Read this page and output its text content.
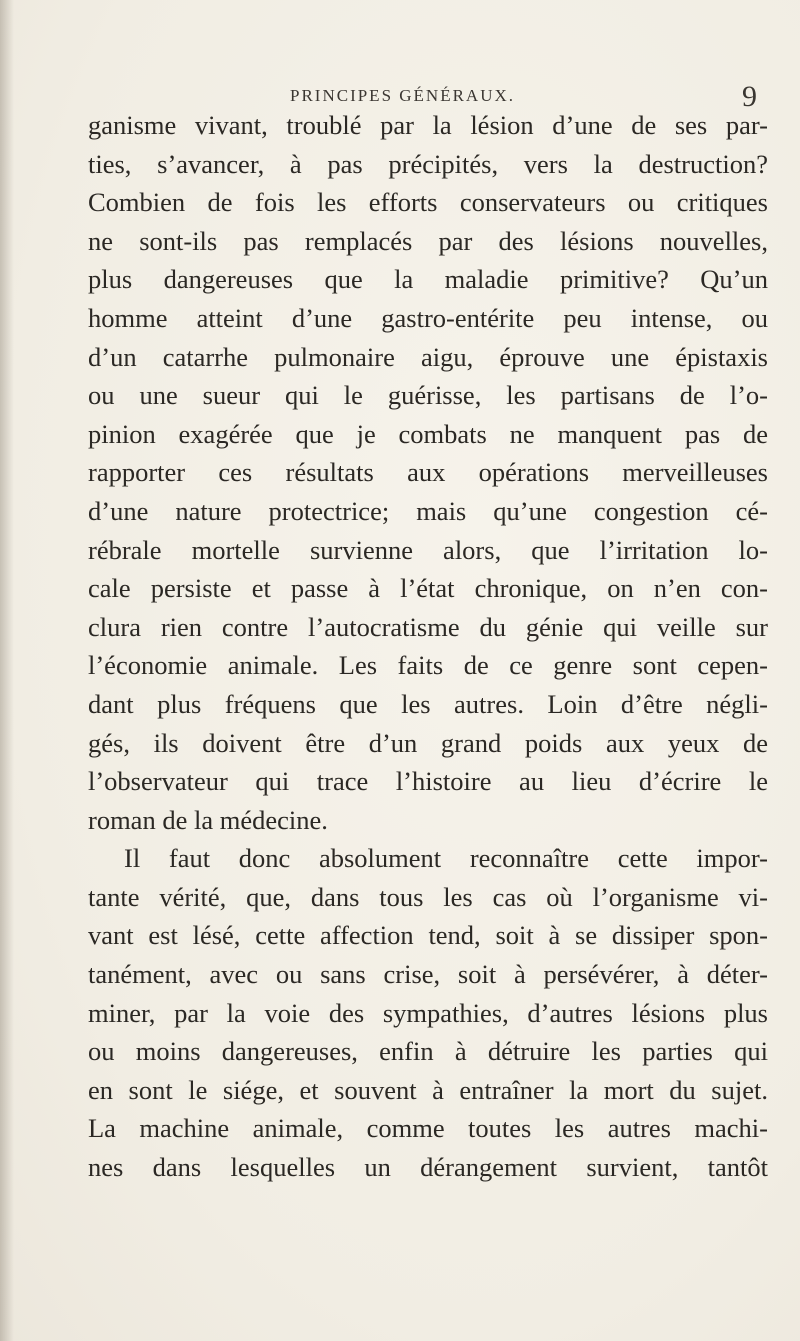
PRINCIPES GÉNÉRAUX.	9
ganisme vivant, troublé par la lésion d’une de ses par-
ties, s’avancer, à pas précipités, vers la destruction?
Combien de fois les efforts conservateurs ou critiques
ne sont-ils pas remplacés par des lésions nouvelles,
plus dangereuses que la maladie primitive? Qu’un
homme atteint d’une gastro-entérite peu intense, ou
d’un catarrhe pulmonaire aigu, éprouve une épistaxis
ou une sueur qui le guérisse, les partisans de l’o-
pinion exagérée que je combats ne manquent pas de
rapporter ces résultats aux opérations merveilleuses
d’une nature protectrice; mais qu’une congestion cé-
rébrale mortelle survienne alors, que l’irritation lo-
cale persiste et passe à l’état chronique, on n’en con-
clura rien contre l’autocratisme du génie qui veille sur
l’économie animale. Les faits de ce genre sont cepen-
dant plus fréquens que les autres. Loin d’être négli-
gés, ils doivent être d’un grand poids aux yeux de
l’observateur qui trace l’histoire au lieu d’écrire le
roman de la médecine.
Il faut donc absolument reconnaître cette impor-
tante vérité, que, dans tous les cas où l’organisme vi-
vant est lésé, cette affection tend, soit à se dissiper spon-
tanément, avec ou sans crise, soit à persévérer, à déter-
miner, par la voie des sympathies, d’autres lésions plus
ou moins dangereuses, enfin à détruire les parties qui
en sont le siége, et souvent à entraîner la mort du sujet.
La machine animale, comme toutes les autres machi-
nes dans lesquelles un dérangement survient, tantôt
